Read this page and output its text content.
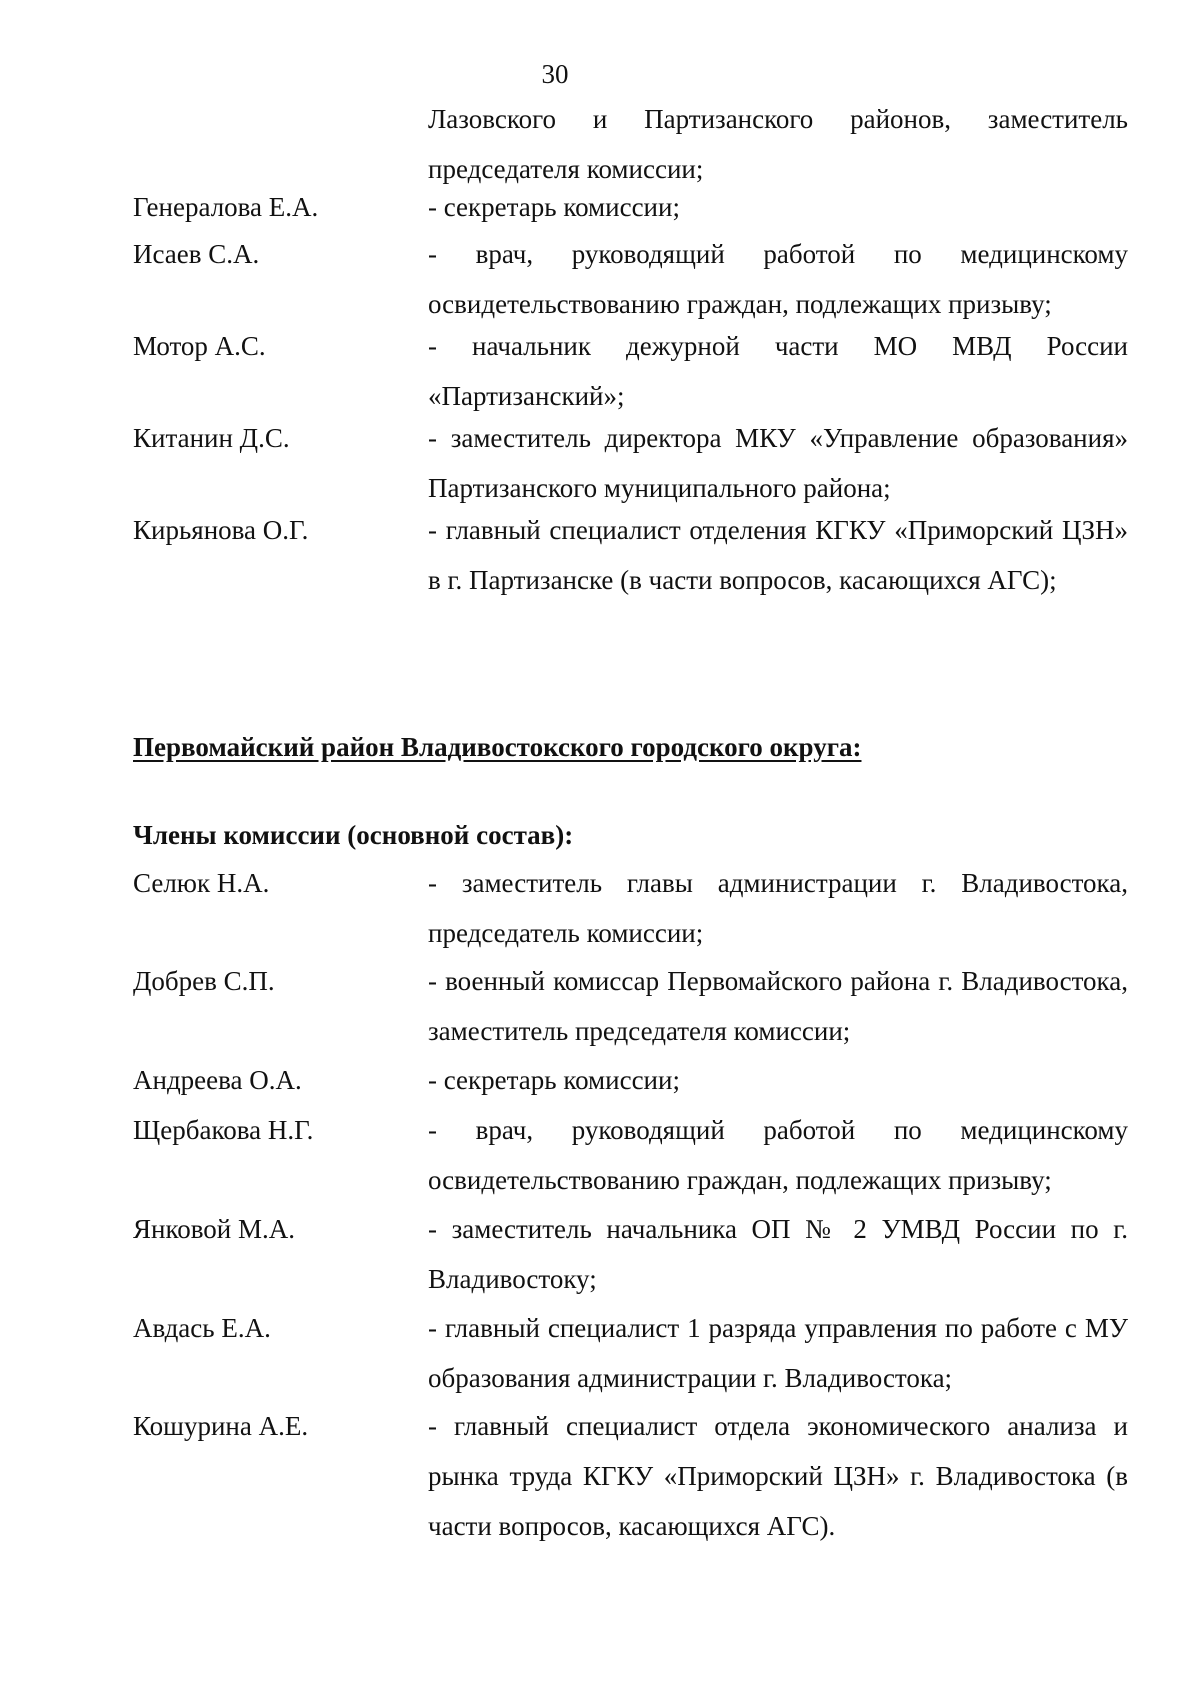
30
Лазовского и Партизанского районов, заместитель председателя комиссии;
Генералова Е.А.	- секретарь комиссии;
Исаев С.А.	- врач, руководящий работой по медицинскому освидетельствованию граждан, подлежащих призыву;
Мотор А.С.	- начальник дежурной части МО МВД России «Партизанский»;
Китанин Д.С.	- заместитель директора МКУ «Управление образования» Партизанского муниципального района;
Кирьянова О.Г.	- главный специалист отделения КГКУ «Приморский ЦЗН» в г. Партизанске (в части вопросов, касающихся АГС);
Первомайский район Владивостокского городского округа:
Члены комиссии (основной состав):
Селюк Н.А.	- заместитель главы администрации г. Владивостока, председатель комиссии;
Добрев С.П.	- военный комиссар Первомайского района г. Владивостока, заместитель председателя комиссии;
Андреева О.А.	- секретарь комиссии;
Щербакова Н.Г.	- врач, руководящий работой по медицинскому освидетельствованию граждан, подлежащих призыву;
Янковой М.А.	- заместитель начальника ОП № 2 УМВД России по г. Владивостоку;
Авдась Е.А.	- главный специалист 1 разряда управления по работе с МУ образования администрации г. Владивостока;
Кошурина А.Е.	- главный специалист отдела экономического анализа и рынка труда КГКУ «Приморский ЦЗН» г. Владивостока (в части вопросов, касающихся АГС).
